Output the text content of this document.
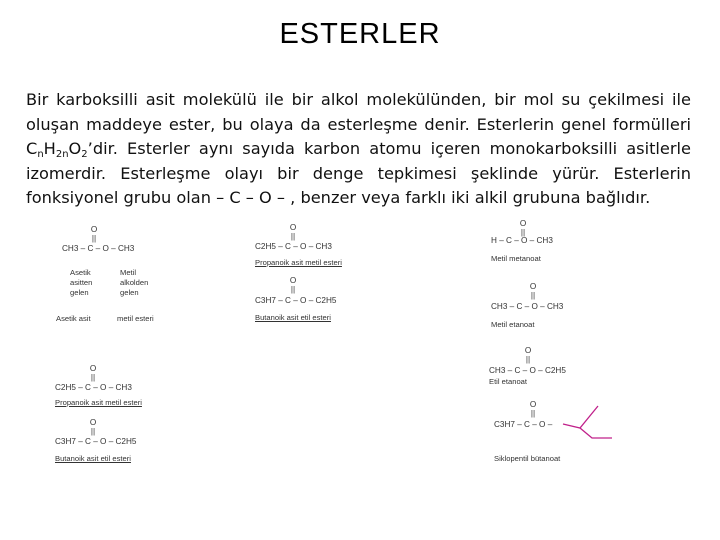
ESTERLER
Bir karboksilli asit molekülü ile bir alkol molekülünden, bir mol su çekilmesi ile oluşan maddeye ester, bu olaya da esterleşme denir. Esterlerin genel formülleri $C_nH_{2n}O_2’dir$. Esterler aynı sayıda karbon atomu içeren monokarboksilli asitlerle izomerdir. Esterleşme olayı bir denge tepkimesi şeklinde yürür. Esterlerin fonksiyonel grubu olan – C – O – , benzer veya farklı iki alkil grubuna bağlıdır.
O
||
CH3 – C – O – CH3
Asetik
asitten
gelen
Metil
alkolden
gelen
Asetik asit	metil esteri
O
||
C2H5 – C – O – CH3
Propanoik asit metil esteri
O
||
C3H7 – C – O – C2H5
Butanoik asit etil esteri
O
||
C2H5 – C – O – CH3
Propanoik asit metil esteri
O
||
C3H7 – C – O – C2H5
Butanoik asit etil esteri
O
||
H – C – O – CH3
Metil metanoat
O
||
CH3 – C – O – CH3
Metil etanoat
O
||
CH3 – C – O – C2H5
Etil etanoat
O
||
C3H7 – C – O –
Siklopentil bütanoat
